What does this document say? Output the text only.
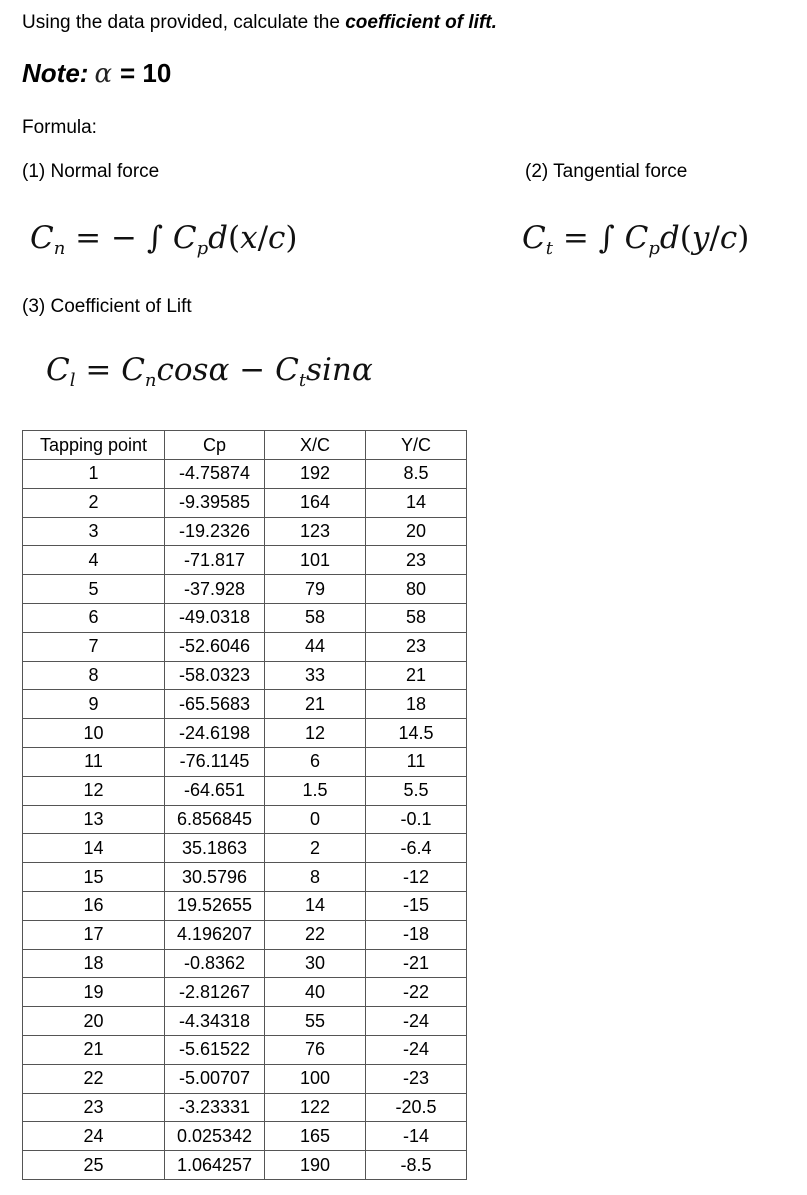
Using the data provided, calculate the coefficient of lift.
Note: α = 10
Formula:
(1) Normal force	(2) Tangential force
$C_n$ = − ∫ $C_pd(x/c)$	$C_t$ = ∫ $C_pd(y/c)$
(3) Coefficient of Lift
$C_l = C_n\cos\alpha - C_t\sin\alpha$
Tapping point	Cp	X/C	Y/C
1	-4.75874	192	8.5
2	-9.39585	164	14
3	-19.2326	123	20
4	-71.817	101	23
5	-37.928	79	80
6	-49.0318	58	58
7	-52.6046	44	23
8	-58.0323	33	21
9	-65.5683	21	18
10	-24.6198	12	14.5
11	-76.1145	6	11
12	-64.651	1.5	5.5
13	6.856845	0	-0.1
14	35.1863	2	-6.4
15	30.5796	8	-12
16	19.52655	14	-15
17	4.196207	22	-18
18	-0.8362	30	-21
19	-2.81267	40	-22
20	-4.34318	55	-24
21	-5.61522	76	-24
22	-5.00707	100	-23
23	-3.23331	122	-20.5
24	0.025342	165	-14
25	1.064257	190	-8.5
